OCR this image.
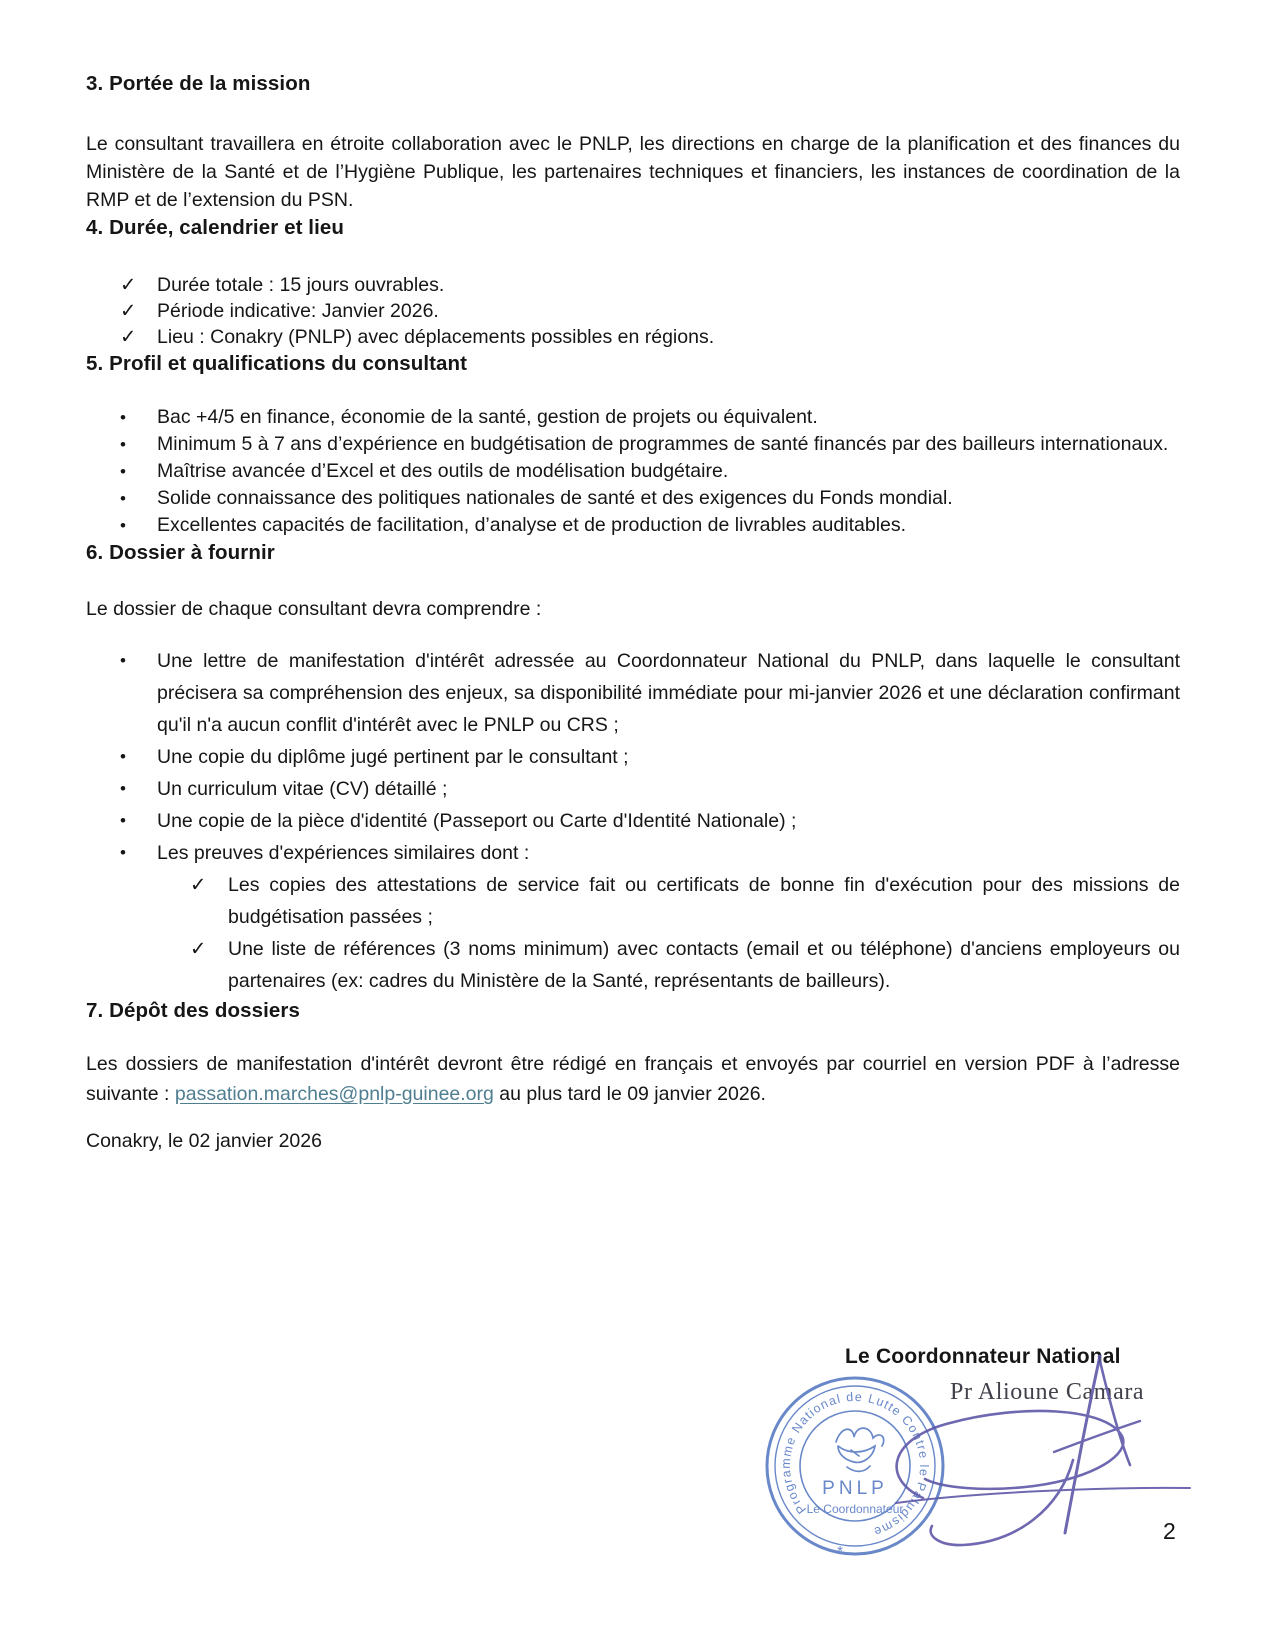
3. Portée de la mission

Le consultant travaillera en étroite collaboration avec le PNLP, les directions en charge de la planification et des finances du Ministère de la Santé et de l’Hygiène Publique, les partenaires techniques et financiers, les instances de coordination de la RMP et de l’extension du PSN.

4. Durée, calendrier et lieu
✓	Durée totale : 15 jours ouvrables.
✓	Période indicative: Janvier 2026.
✓	Lieu : Conakry (PNLP) avec déplacements possibles en régions.
5. Profil et qualifications du consultant
•	Bac +4/5 en finance, économie de la santé, gestion de projets ou équivalent.
•	Minimum 5 à 7 ans d’expérience en budgétisation de programmes de santé financés par des bailleurs internationaux.
•	Maîtrise avancée d’Excel et des outils de modélisation budgétaire.
•	Solide connaissance des politiques nationales de santé et des exigences du Fonds mondial.
•	Excellentes capacités de facilitation, d’analyse et de production de livrables auditables.
6. Dossier à fournir

Le dossier de chaque consultant devra comprendre :

•	Une lettre de manifestation d'intérêt adressée au Coordonnateur National du PNLP, dans laquelle le consultant précisera sa compréhension des enjeux, sa disponibilité immédiate pour mi-janvier 2026 et une déclaration confirmant qu'il n'a aucun conflit d'intérêt avec le PNLP ou CRS ;
•	Une copie du diplôme jugé pertinent par le consultant ;
•	Un curriculum vitae (CV) détaillé ;
•	Une copie de la pièce d'identité (Passeport ou Carte d'Identité Nationale) ;
•	Les preuves d'expériences similaires dont :
✓	Les copies des attestations de service fait ou certificats de bonne fin d'exécution pour des missions de budgétisation passées ;
✓	Une liste de références (3 noms minimum) avec contacts (email et ou téléphone) d'anciens employeurs ou partenaires (ex: cadres du Ministère de la Santé, représentants de bailleurs).
7. Dépôt des dossiers

Les dossiers de manifestation d'intérêt devront être rédigé en français et envoyés par courriel en version PDF à l’adresse suivante : passation.marches@pnlp-guinee.org au plus tard le 09 janvier 2026.

Conakry, le 02 janvier 2026

Le Coordonnateur National
Pr Alioune Camara
Programme National de Lutte Contre le Paludisme
*
PNLP
Le Coordonnateur
2
